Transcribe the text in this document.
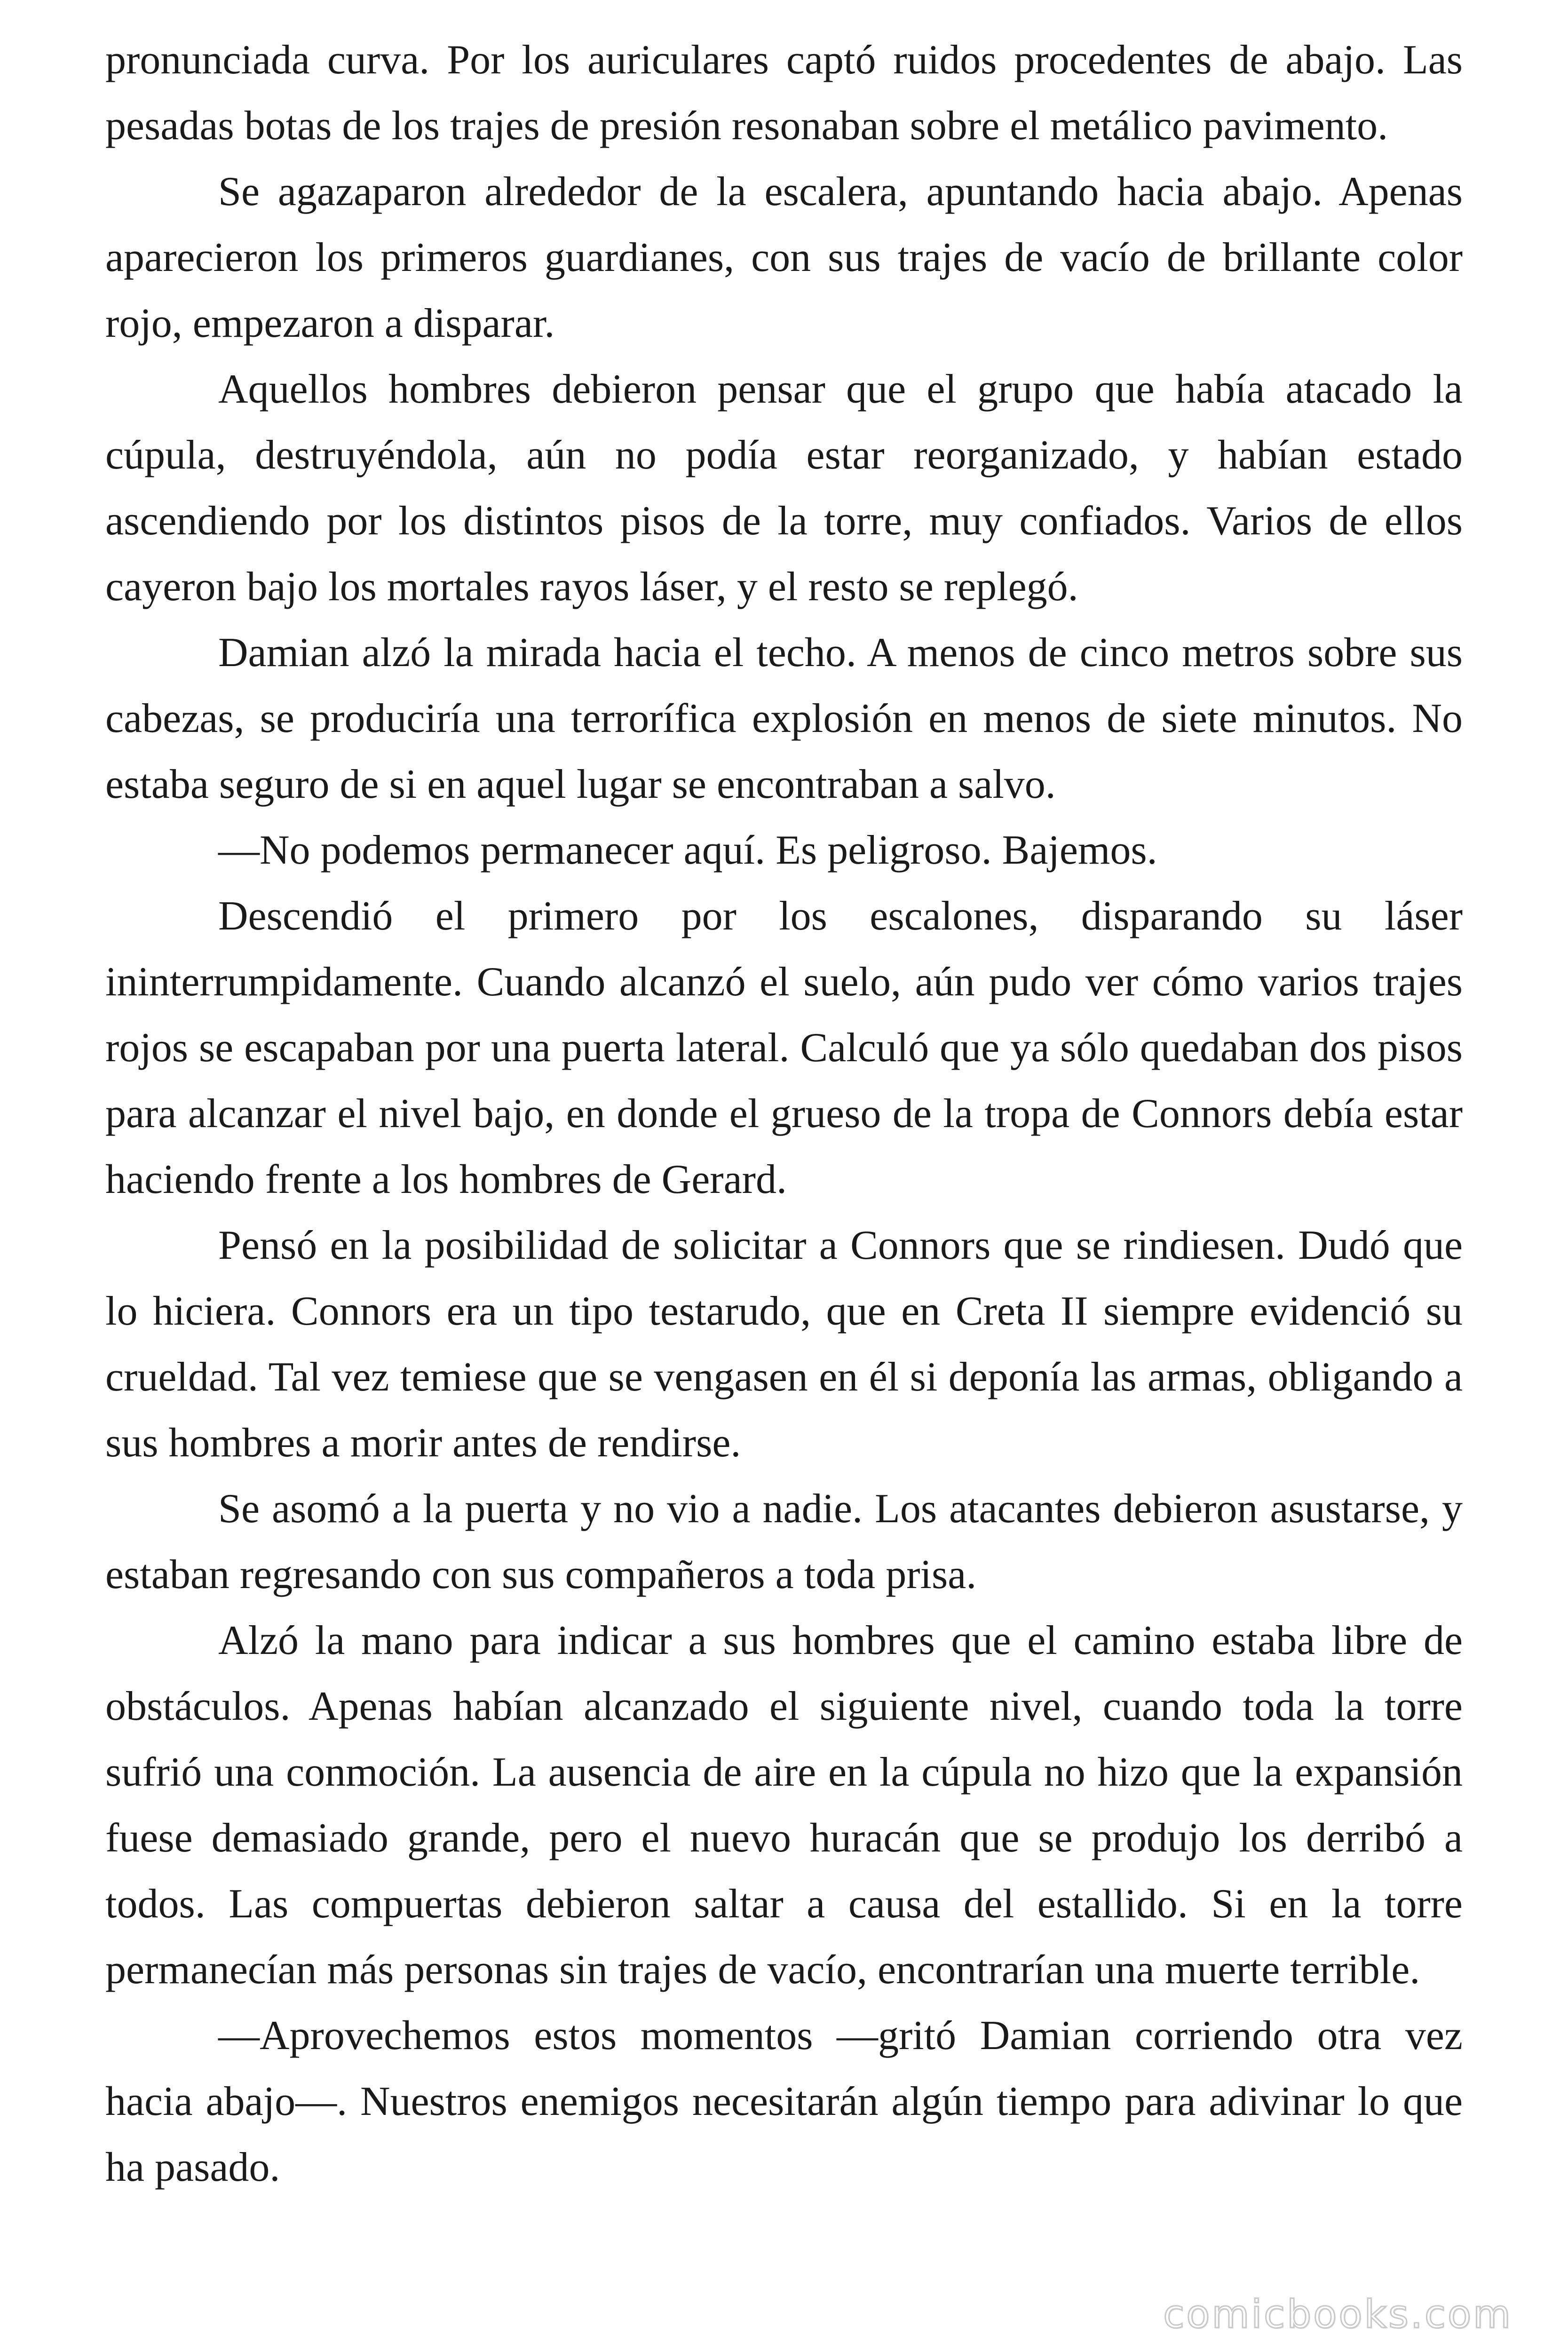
pronunciada curva. Por los auriculares captó ruidos procedentes de abajo. Las pesadas botas de los trajes de presión resonaban sobre el metálico pavimento.

Se agazaparon alrededor de la escalera, apuntando hacia abajo. Apenas aparecieron los primeros guardianes, con sus trajes de vacío de brillante color rojo, empezaron a disparar.

Aquellos hombres debieron pensar que el grupo que había atacado la cúpula, destruyéndola, aún no podía estar reorganizado, y habían estado ascendiendo por los distintos pisos de la torre, muy confiados. Varios de ellos cayeron bajo los mortales rayos láser, y el resto se replegó.

Damian alzó la mirada hacia el techo. A menos de cinco metros sobre sus cabezas, se produciría una terrorífica explosión en menos de siete minutos. No estaba seguro de si en aquel lugar se encontraban a salvo.

—No podemos permanecer aquí. Es peligroso. Bajemos.

Descendió el primero por los escalones, disparando su láser ininterrumpidamente. Cuando alcanzó el suelo, aún pudo ver cómo varios trajes rojos se escapaban por una puerta lateral. Calculó que ya sólo quedaban dos pisos para alcanzar el nivel bajo, en donde el grueso de la tropa de Connors debía estar haciendo frente a los hombres de Gerard.

Pensó en la posibilidad de solicitar a Connors que se rindiesen. Dudó que lo hiciera. Connors era un tipo testarudo, que en Creta II siempre evidenció su crueldad. Tal vez temiese que se vengasen en él si deponía las armas, obligando a sus hombres a morir antes de rendirse.

Se asomó a la puerta y no vio a nadie. Los atacantes debieron asustarse, y estaban regresando con sus compañeros a toda prisa.

Alzó la mano para indicar a sus hombres que el camino estaba libre de obstáculos. Apenas habían alcanzado el siguiente nivel, cuando toda la torre sufrió una conmoción. La ausencia de aire en la cúpula no hizo que la expansión fuese demasiado grande, pero el nuevo huracán que se produjo los derribó a todos. Las compuertas debieron saltar a causa del estallido. Si en la torre permanecían más personas sin trajes de vacío, encontrarían una muerte terrible.

—Aprovechemos estos momentos —gritó Damian corriendo otra vez hacia abajo—. Nuestros enemigos necesitarán algún tiempo para adivinar lo que ha pasado.

comicbooks.com
